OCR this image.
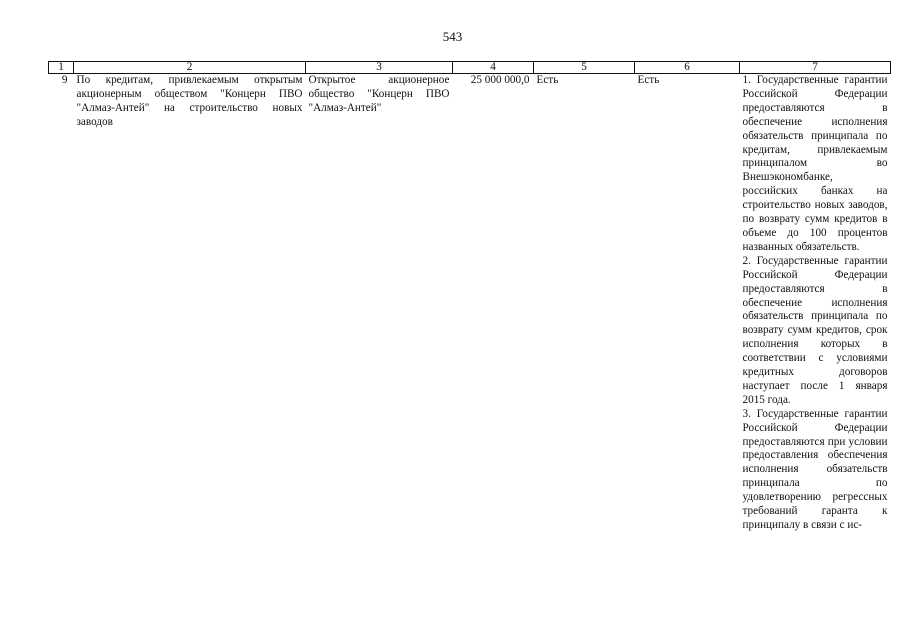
543
1	2	3	4	5	6	7
9	По кредитам, привлекаемым открытым акционерным обществом "Концерн ПВО "Алмаз-Антей" на строительство новых заводов	Открытое акционерное общество "Концерн ПВО "Алмаз-Антей"	25 000 000,0	Есть	Есть	1. Государственные гарантии Российской Федерации предоставляются в обеспечение исполнения обязательств принципала по кредитам, привлекаемым принципалом во Внешэкономбанке, российских банках на строительство новых заводов, по возврату сумм кредитов в объеме до 100 процентов названных обязательств.

2. Государственные гарантии Российской Федерации предоставляются в обеспечение исполнения обязательств принципала по возврату сумм кредитов, срок исполнения которых в соответствии с условиями кредитных договоров наступает после 1 января 2015 года.

3. Государственные гарантии Российской Федерации предоставляются при условии предоставления обеспечения исполнения обязательств принципала по удовлетворению регрессных требований гаранта к принципалу в связи с ис-
